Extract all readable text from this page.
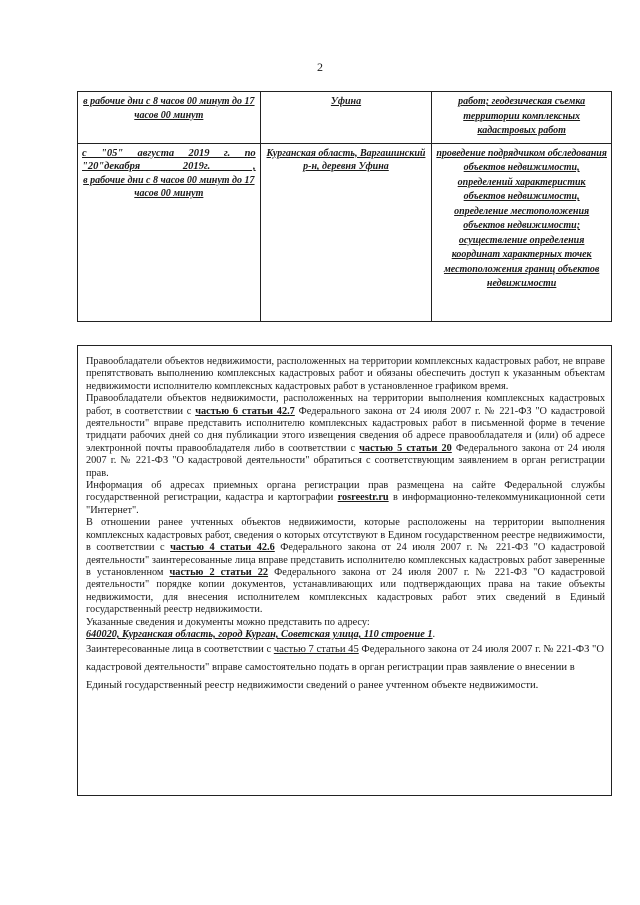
2
в рабочие дни с 8 часов 00 минут до 17 часов 00 минут	Уфина	работ; геодезическая съемка территории комплексных кадастровых работ

с "05" августа 2019 г. по "20"декабря 2019г. ,
в рабочие дни с 8 часов 00 минут до 17 часов 00 минут	Курганская область, Варгашинский р-н, деревня Уфина	проведение подрядчиком обследования объектов недвижимости, определений характеристик объектов недвижимости, определение местоположения объектов недвижимости; осуществление определения координат характерных точек местоположения границ объектов недвижимости

Правообладатели объектов недвижимости, расположенных на территории комплексных кадастровых работ, не вправе препятствовать выполнению комплексных кадастровых работ и обязаны обеспечить доступ к указанным объектам недвижимости исполнителю комплексных кадастровых работ в установленное графиком время.

Правообладатели объектов недвижимости, расположенных на территории выполнения комплексных кадастровых работ, в соответствии с частью 6 статьи 42.7 Федерального закона от 24 июля 2007 г. № 221-ФЗ "О кадастровой деятельности" вправе представить исполнителю комплексных кадастровых работ в письменной форме в течение тридцати рабочих дней со дня публикации этого извещения сведения об адресе правообладателя и (или) об адресе электронной почты правообладателя либо в соответствии с частью 5 статьи 20 Федерального закона от 24 июля 2007 г. № 221-ФЗ "О кадастровой деятельности" обратиться с соответствующим заявлением в орган регистрации прав.

Информация об адресах приемных органа регистрации прав размещена на сайте Федеральной службы государственной регистрации, кадастра и картографии rosreestr.ru в информационно-телекоммуникационной сети "Интернет".

В отношении ранее учтенных объектов недвижимости, которые расположены на территории выполнения комплексных кадастровых работ, сведения о которых отсутствуют в Едином государственном реестре недвижимости, в соответствии с частью 4 статьи 42.6 Федерального закона от 24 июля 2007 г. № 221-ФЗ "О кадастровой деятельности" заинтересованные лица вправе представить исполнителю комплексных кадастровых работ заверенные в установленном частью 2 статьи 22 Федерального закона от 24 июля 2007 г. № 221-ФЗ "О кадастровой деятельности" порядке копии документов, устанавливающих или подтверждающих права на такие объекты недвижимости, для внесения исполнителем комплексных кадастровых работ этих сведений в Единый государственный реестр недвижимости.

Указанные сведения и документы можно представить по адресу:

640020, Курганская область, город Курган, Советская улица, 110 строение 1.

Заинтересованные лица в соответствии с частью 7 статьи 45 Федерального закона от 24 июля 2007 г. № 221-ФЗ "О кадастровой деятельности" вправе самостоятельно подать в орган регистрации прав заявление о внесении в Единый государственный реестр недвижимости сведений о ранее учтенном объекте недвижимости.
